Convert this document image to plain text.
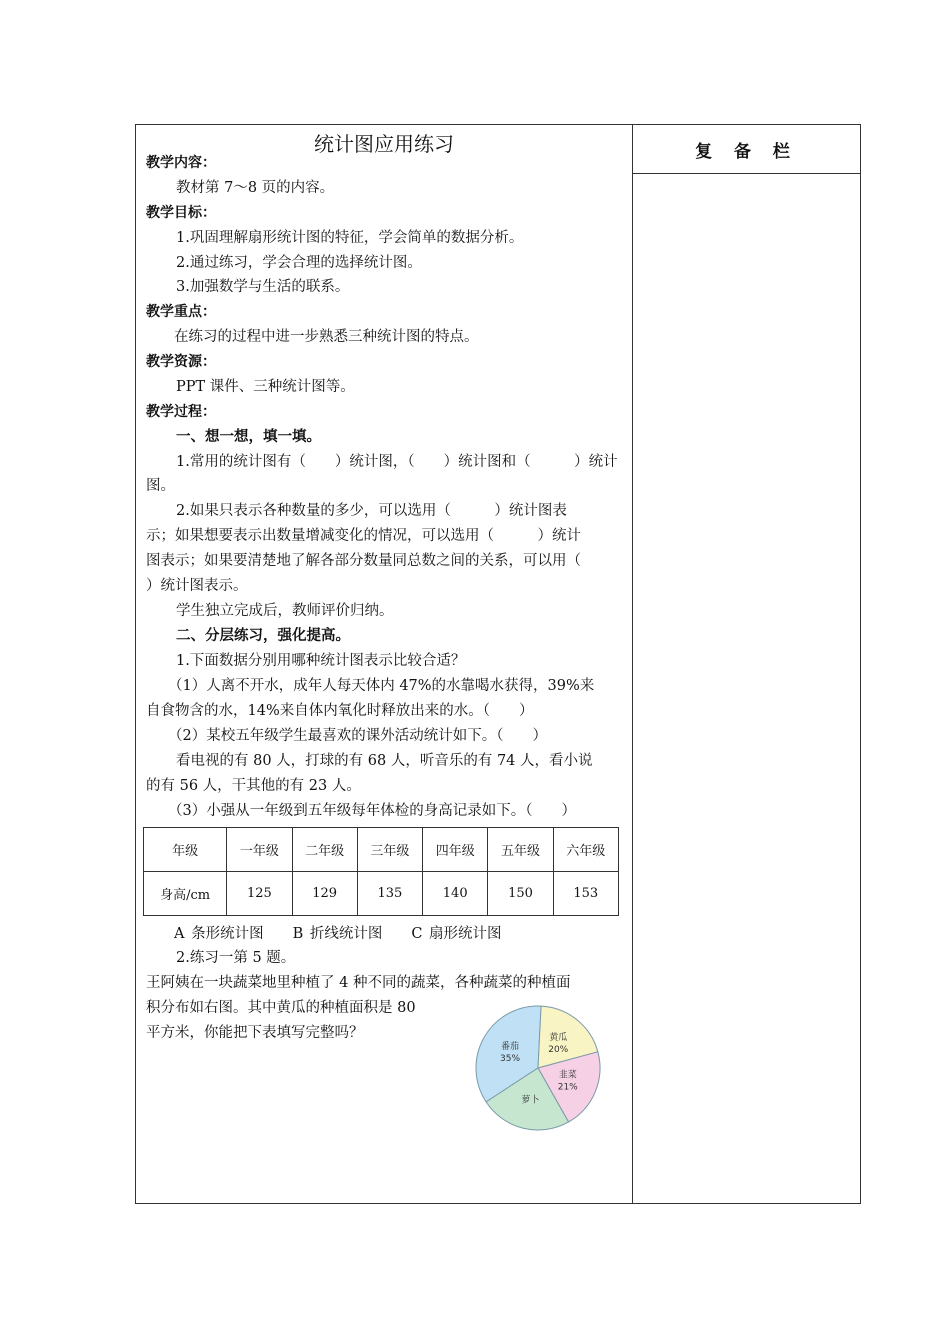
复 备 栏
统计图应用练习
教学内容：
教材第 7～8 页的内容。
教学目标：
1.巩固理解扇形统计图的特征，学会简单的数据分析。
2.通过练习，学会合理的选择统计图。
3.加强数学与生活的联系。
教学重点：
在练习的过程中进一步熟悉三种统计图的特点。
教学资源：
PPT 课件、三种统计图等。
教学过程：
一、想一想，填一填。
1.常用的统计图有（　　）统计图，（　　）统计图和（　　　）统计
图。
2.如果只表示各种数量的多少，可以选用（　　　）统计图表
示；如果想要表示出数量增减变化的情况，可以选用（　　　）统计
图表示；如果要清楚地了解各部分数量同总数之间的关系，可以用（
）统计图表示。
学生独立完成后，教师评价归纳。
二、分层练习，强化提高。
1.下面数据分别用哪种统计图表示比较合适？
（1）人离不开水，成年人每天体内 47%的水靠喝水获得，39%来
自食物含的水，14%来自体内氧化时释放出来的水。（　　）
（2）某校五年级学生最喜欢的课外活动统计如下。（　　）
看电视的有 80 人，打球的有 68 人，听音乐的有 74 人，看小说
的有 56 人，干其他的有 23 人。
（3）小强从一年级到五年级每年体检的身高记录如下。（　　）
年级	一年级	二年级	三年级	四年级	五年级	六年级
身高/cm	125	129	135	140	150	153
A 条形统计图　　B 折线统计图　　C 扇形统计图
2.练习一第 5 题。
王阿姨在一块蔬菜地里种植了 4 种不同的蔬菜，各种蔬菜的种植面
积分布如右图。其中黄瓜的种植面积是 80
平方米，你能把下表填写完整吗？
番茄
35%
黄瓜
20%
韭菜
21%
萝卜
